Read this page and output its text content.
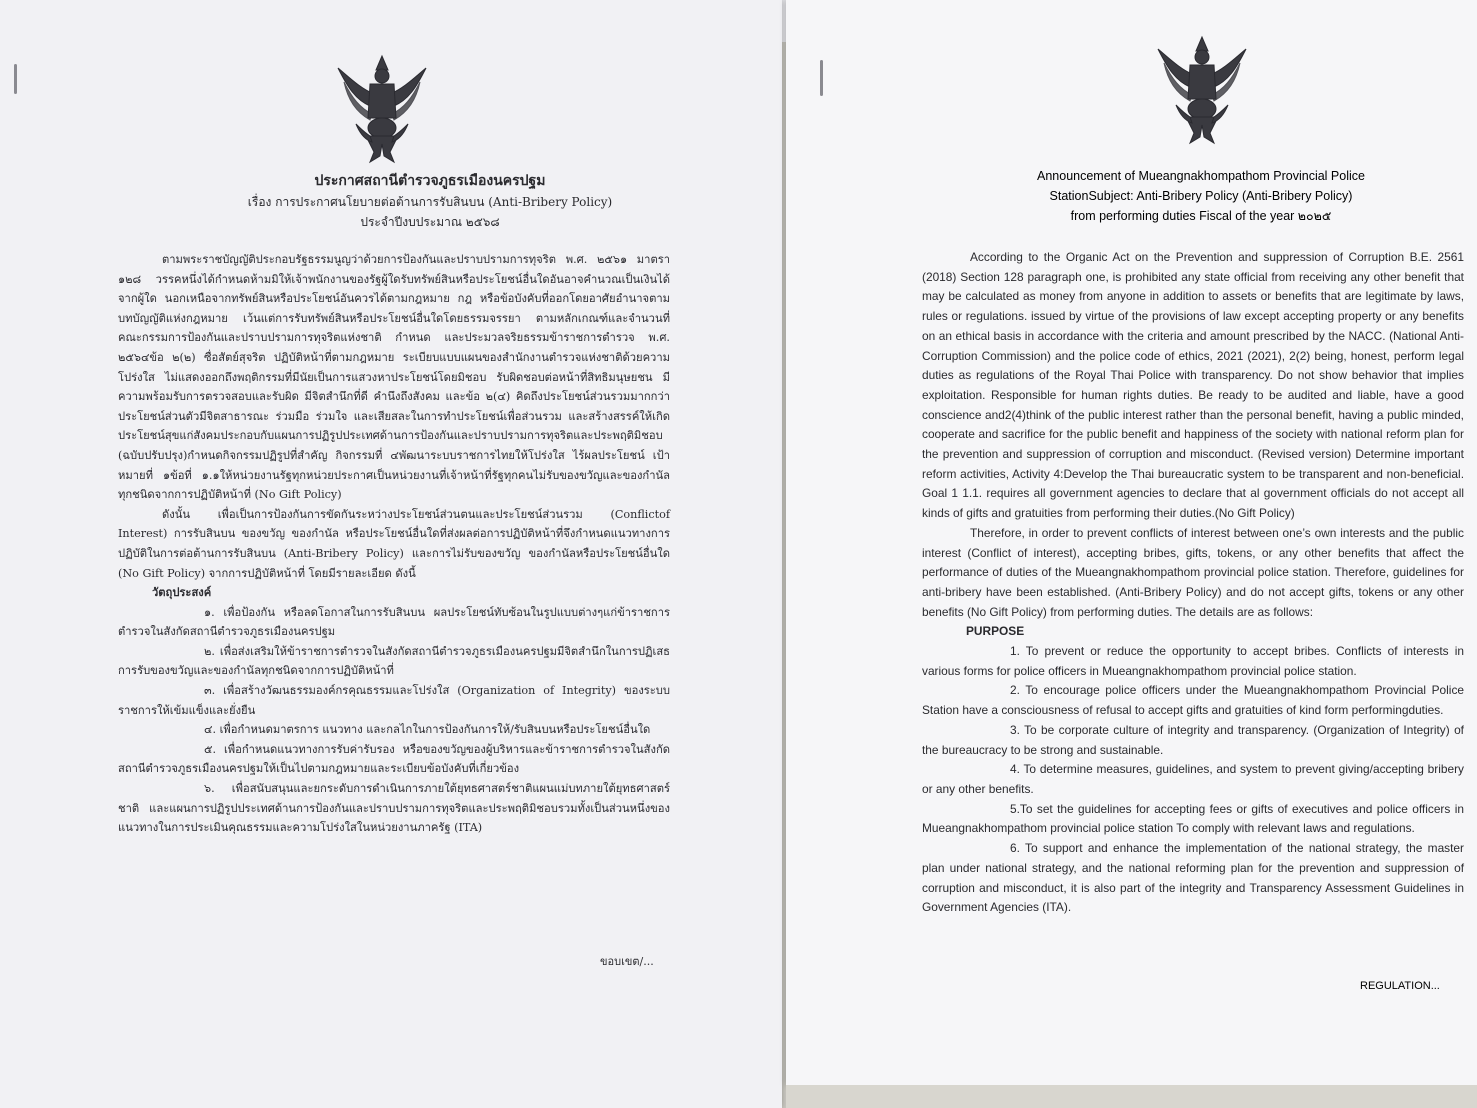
ประกาศสถานีตำรวจภูธรเมืองนครปฐม
เรื่อง การประกาศนโยบายต่อต้านการรับสินบน (Anti-Bribery Policy)
ประจำปีงบประมาณ ๒๕๖๘

ตามพระราชบัญญัติประกอบรัฐธรรมนูญว่าด้วยการป้องกันและปราบปรามการทุจริต พ.ศ. ๒๕๖๑ มาตรา ๑๒๘ วรรคหนึ่งได้กำหนดห้ามมิให้เจ้าพนักงานของรัฐผู้ใดรับทรัพย์สินหรือประโยชน์อื่นใดอันอาจคำนวณเป็นเงินได้จากผู้ใด นอกเหนือจากทรัพย์สินหรือประโยชน์อันควรได้ตามกฎหมาย กฎ หรือข้อบังคับที่ออกโดยอาศัยอำนาจตามบทบัญญัติแห่งกฎหมาย เว้นแต่การรับทรัพย์สินหรือประโยชน์อื่นใดโดยธรรมจรรยา ตามหลักเกณฑ์และจำนวนที่คณะกรรมการป้องกันและปราบปรามการทุจริตแห่งชาติ กำหนด และประมวลจริยธรรมข้าราชการตำรวจ พ.ศ. ๒๕๖๔ข้อ ๒(๒) ซื่อสัตย์สุจริต ปฏิบัติหน้าที่ตามกฎหมาย ระเบียบแบบแผนของสำนักงานตำรวจแห่งชาติด้วยความโปร่งใส ไม่แสดงออกถึงพฤติกรรมที่มีนัยเป็นการแสวงหาประโยชน์โดยมิชอบ รับผิดชอบต่อหน้าที่สิทธิมนุษยชน มีความพร้อมรับการตรวจสอบและรับผิด มีจิตสำนึกที่ดี คำนึงถึงสังคม และข้อ ๒(๔) คิดถึงประโยชน์ส่วนรวมมากกว่าประโยชน์ส่วนตัวมีจิตสาธารณะ ร่วมมือ ร่วมใจ และเสียสละในการทำประโยชน์เพื่อส่วนรวม และสร้างสรรค์ให้เกิดประโยชน์สุขแก่สังคมประกอบกับแผนการปฏิรูปประเทศด้านการป้องกันและปราบปรามการทุจริตและประพฤติมิชอบ (ฉบับปรับปรุง)กำหนดกิจกรรมปฏิรูปที่สำคัญ กิจกรรมที่ ๔พัฒนาระบบราชการไทยให้โปร่งใส ไร้ผลประโยชน์ เป้าหมายที่ ๑ข้อที่ ๑.๑ให้หน่วยงานรัฐทุกหน่วยประกาศเป็นหน่วยงานที่เจ้าหน้าที่รัฐทุกคนไม่รับของขวัญและของกำนัลทุกชนิดจากการปฏิบัติหน้าที่ (No Gift Policy)

ดังนั้น เพื่อเป็นการป้องกันการขัดกันระหว่างประโยชน์ส่วนตนและประโยชน์ส่วนรวม (Conflictof Interest) การรับสินบน ของขวัญ ของกำนัล หรือประโยชน์อื่นใดที่ส่งผลต่อการปฏิบัติหน้าที่จึงกำหนดแนวทางการปฏิบัติในการต่อต้านการรับสินบน (Anti-Bribery Policy) และการไม่รับของขวัญ ของกำนัลหรือประโยชน์อื่นใด (No Gift Policy) จากการปฏิบัติหน้าที่ โดยมีรายละเอียด ดังนี้

วัตถุประสงค์

๑. เพื่อป้องกัน หรือลดโอกาสในการรับสินบน ผลประโยชน์ทับซ้อนในรูปแบบต่างๆแก่ข้าราชการตำรวจในสังกัดสถานีตำรวจภูธรเมืองนครปฐม

๒. เพื่อส่งเสริมให้ข้าราชการตำรวจในสังกัดสถานีตำรวจภูธรเมืองนครปฐมมีจิตสำนึกในการปฏิเสธการรับของขวัญและของกำนัลทุกชนิดจากการปฏิบัติหน้าที่

๓. เพื่อสร้างวัฒนธรรมองค์กรคุณธรรมและโปร่งใส (Organization of Integrity) ของระบบราชการให้เข้มแข็งและยั่งยืน

๔. เพื่อกำหนดมาตรการ แนวทาง และกลไกในการป้องกันการให้/รับสินบนหรือประโยชน์อื่นใด

๕. เพื่อกำหนดแนวทางการรับค่ารับรอง หรือของขวัญของผู้บริหารและข้าราชการตำรวจในสังกัด สถานีตำรวจภูธรเมืองนครปฐมให้เป็นไปตามกฎหมายและระเบียบข้อบังคับที่เกี่ยวข้อง

๖. เพื่อสนับสนุนและยกระดับการดำเนินการภายใต้ยุทธศาสตร์ชาติแผนแม่บทภายใต้ยุทธศาสตร์ชาติ และแผนการปฏิรูปประเทศด้านการป้องกันและปราบปรามการทุจริตและประพฤติมิชอบรวมทั้งเป็นส่วนหนึ่งของแนวทางในการประเมินคุณธรรมและความโปร่งใสในหน่วยงานภาครัฐ (ITA)

ขอบเขต/...
Announcement of Mueangnakhompathom Provincial Police
StationSubject: Anti-Bribery Policy (Anti-Bribery Policy)
from performing duties Fiscal of the year ๒๐๒๕

According to the Organic Act on the Prevention and suppression of Corruption B.E. 2561 (2018) Section 128 paragraph one, is prohibited any state official from receiving any other benefit that may be calculated as money from anyone in addition to assets or benefits that are legitimate by laws, rules or regulations. issued by virtue of the provisions of law except accepting property or any benefits on an ethical basis in accordance with the criteria and amount prescribed by the NACC. (National Anti-Corruption Commission) and the police code of ethics, 2021 (2021), 2(2) being, honest, perform legal duties as regulations of the Royal Thai Police with transparency. Do not show behavior that implies exploitation. Responsible for human rights duties. Be ready to be audited and liable, have a good conscience and2(4)think of the public interest rather than the personal benefit, having a public minded, cooperate and sacrifice for the public benefit and happiness of the society with national reform plan for the prevention and suppression of corruption and misconduct. (Revised version) Determine important reform activities, Activity 4:Develop the Thai bureaucratic system to be transparent and non-beneficial. Goal 1 1.1. requires all government agencies to declare that al government officials do not accept all kinds of gifts and gratuities from performing their duties.(No Gift Policy)

Therefore, in order to prevent conflicts of interest between one’s own interests and the public interest (Conflict of interest), accepting bribes, gifts, tokens, or any other benefits that affect the performance of duties of the Mueangnakhompathom provincial police station. Therefore, guidelines for anti-bribery have been established. (Anti-Bribery Policy) and do not accept gifts, tokens or any other benefits (No Gift Policy) from performing duties. The details are as follows:

PURPOSE

1. To prevent or reduce the opportunity to accept bribes. Conflicts of interests in various forms for police officers in Mueangnakhompathom provincial police station.

2. To encourage police officers under the Mueangnakhompathom Provincial Police Station have a consciousness of refusal to accept gifts and gratuities of kind form performingduties.

3. To be corporate culture of integrity and transparency. (Organization of Integrity) of the bureaucracy to be strong and sustainable.

4. To determine measures, guidelines, and system to prevent giving/accepting bribery or any other benefits.

5.To set the guidelines for accepting fees or gifts of executives and police officers in Mueangnakhompathom provincial police station To comply with relevant laws and regulations.

6. To support and enhance the implementation of the national strategy, the master plan under national strategy, and the national reforming plan for the prevention and suppression of corruption and misconduct, it is also part of the integrity and Transparency Assessment Guidelines in Government Agencies (ITA).

REGULATION...
